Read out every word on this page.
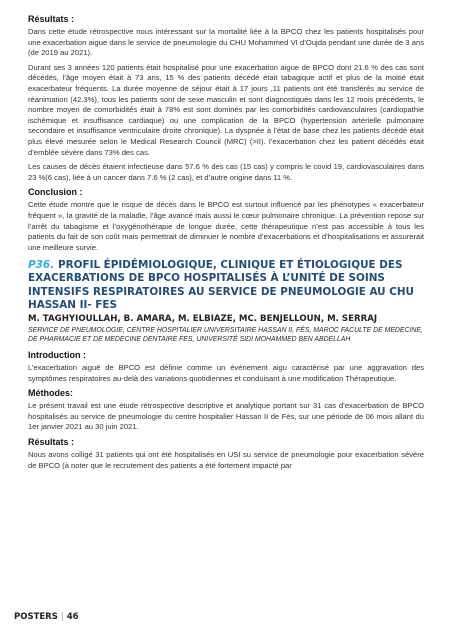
Résultats :

Dans cette étude rétrospective nous intéressant sur la mortalité liée à la BPCO chez les patients hospitalisés pour une exacerbation aigue dans le service de pneumologie du CHU Mohammed VI d’Oujda pendant une durée de 3 ans (de 2019 au 2021).

Durant ses 3 années 120 patients était hospitalisé pour une exacerbation aigue de BPCO dont 21.6 % des cas sont décédés, l’âge moyen était à 73 ans, 15 % des patients décédé était tabagique actif et plus de la moitié était exacerbateur fréquents. La durée moyenne de séjour était à 17 jours ,11 patients ont été transférés au service de réanimation (42.3%), tous les patients sont de sexe masculin et sont diagnostiqués dans les 12 mois précédents, le nombre moyen de comorbidités était à 78% est sont dominés par les comorbidités cardiovasculaires (cardiopathie ischémique et insuffisance cardiaque) ou une complication de la BPCO (hypertension artérielle pulmonaire secondaire et insuffisance ventriculaire droite chronique). La dyspnée à l’état de base chez les patients décédé était plus élevé mesurée selon le Medical Research Council (MRC) (>II). l’exacerbation chez les patient décédés était d’emblée sévère dans 73% des cas.

Les causes de décès étaient infectieuse dans 57.6 % des cas (15 cas) y compris le covid 19, cardiovasculaires dans 23 %(6 cas), liée à un cancer dans 7.6 % (2 cas), et d’autre origine dans 11 %.

Conclusion :

Cette étude montre que le risque de décès dans le BPCO est surtout influencé par les phénotypes « exacerbateur fréquent », la gravité de la maladie, l’âge avancé mais aussi le cœur pulmonaire chronique. La prévention repose sur l’arrêt du tabagisme et l’oxygénothérapie de longue durée, cette thérapeutique n’est pas accessible à tous les patients du fait de son coût mais permettrait de diminuer le nombre d’exacerbations et d’hospitalisations et assurerait une meilleure survie.

P36. PROFIL ÉPIDÉMIOLOGIQUE, CLINIQUE ET ÉTIOLOGIQUE DES EXACERBATIONS DE BPCO HOSPITALISÉS À L’UNITÉ DE SOINS INTENSIFS RESPIRATOIRES AU SERVICE DE PNEUMOLOGIE AU CHU HASSAN II- FES
M. TAGHYIOULLAH, B. AMARA, M. ELBIAZE, MC. BENJELLOUN, M. SERRAJ
SERVICE DE PNEUMOLOGIE, CENTRE HOSPITALIER UNIVERSITAIRE HASSAN II, FÈS, MAROC FACULTE DE MEDECINE, DE PHARMACIE ET DE MEDECINE DENTAIRE FES, UNIVERSITÉ SIDI MOHAMMED BEN ABDELLAH
Introduction :

L’exacerbation aiguë de BPCO est définie comme un événement aigu caractérisé par une aggravation des symptômes respiratoires au-delà des variations quotidiennes et conduisant à une modification Thérapeutique.

Méthodes:

Le présent travail est une étude rétrospective descriptive et analytique portant sur 31 cas d’exacerbation de BPCO hospitalisés au service de pneumologie du centre hospitalier Hassan II de Fès, sur une période de 06 mois allant du 1er janvier 2021 au 30 juin 2021.

Résultats :

Nous avons colligé 31 patients qui ont été hospitalisés en USI su service de pneumologie pour exacerbation sévère de BPCO (à noter que le recrutement des patients a été fortement impacté par

POSTERS | 46
